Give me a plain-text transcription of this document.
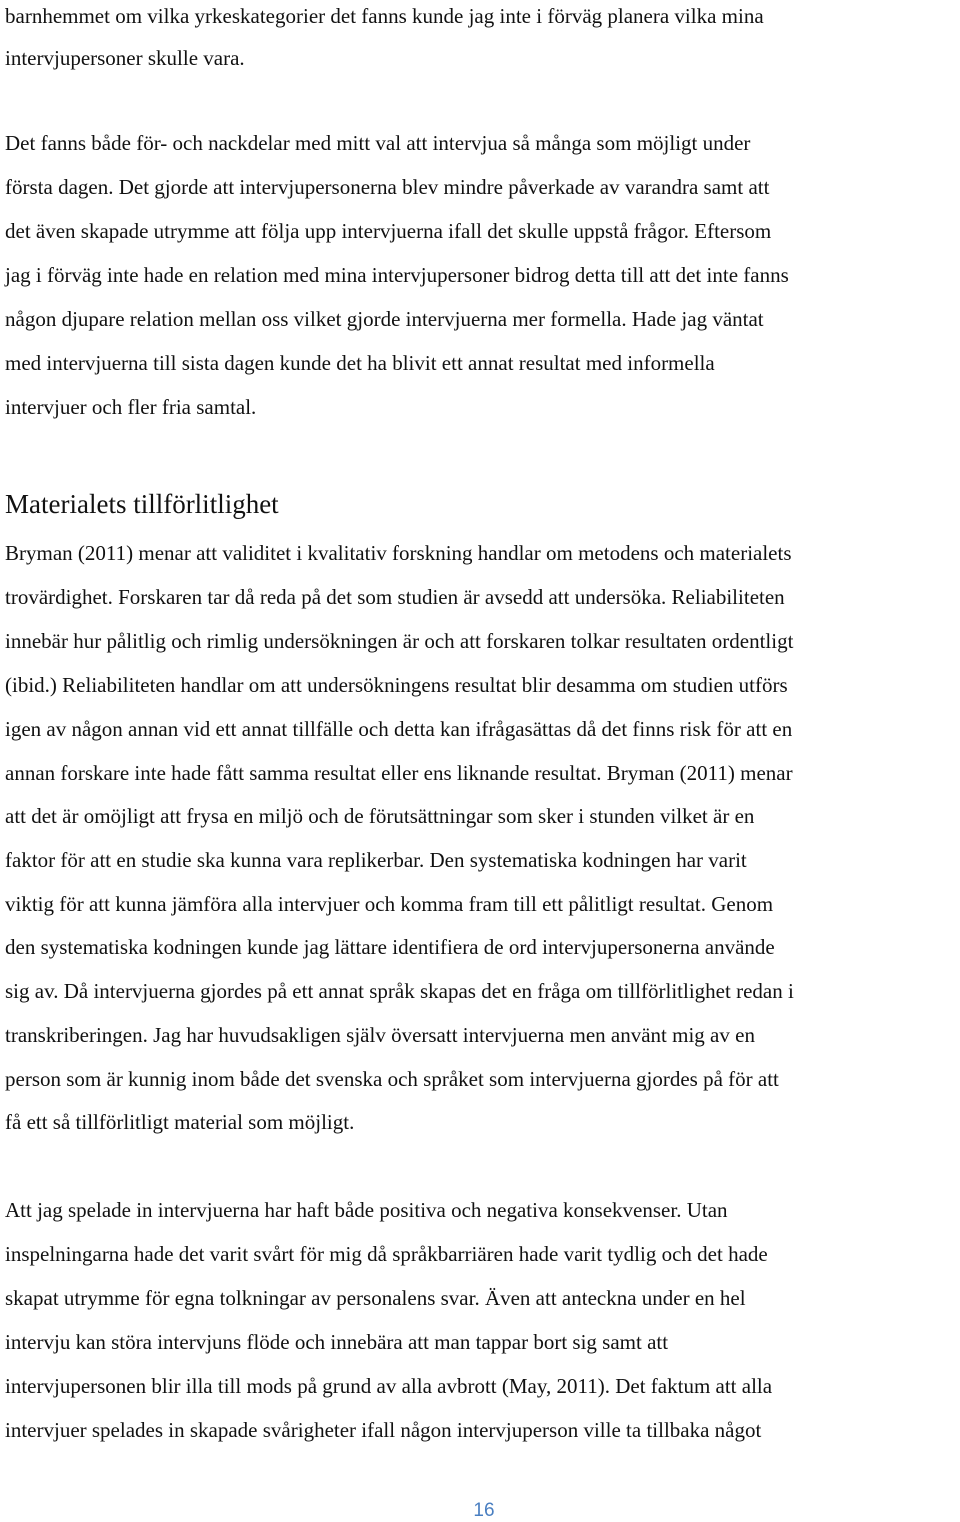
barnhemmet om vilka yrkeskategorier det fanns kunde jag inte i förväg planera vilka mina
intervjupersoner skulle vara.
Det fanns både för- och nackdelar med mitt val att intervjua så många som möjligt under
första dagen. Det gjorde att intervjupersonerna blev mindre påverkade av varandra samt att
det även skapade utrymme att följa upp intervjuerna ifall det skulle uppstå frågor. Eftersom
jag i förväg inte hade en relation med mina intervjupersoner bidrog detta till att det inte fanns
någon djupare relation mellan oss vilket gjorde intervjuerna mer formella. Hade jag väntat
med intervjuerna till sista dagen kunde det ha blivit ett annat resultat med informella
intervjuer och fler fria samtal.
Materialets tillförlitlighet
Bryman (2011) menar att validitet i kvalitativ forskning handlar om metodens och materialets
trovärdighet. Forskaren tar då reda på det som studien är avsedd att undersöka. Reliabiliteten
innebär hur pålitlig och rimlig undersökningen är och att forskaren tolkar resultaten ordentligt
(ibid.) Reliabiliteten handlar om att undersökningens resultat blir desamma om studien utförs
igen av någon annan vid ett annat tillfälle och detta kan ifrågasättas då det finns risk för att en
annan forskare inte hade fått samma resultat eller ens liknande resultat. Bryman (2011) menar
att det är omöjligt att frysa en miljö och de förutsättningar som sker i stunden vilket är en
faktor för att en studie ska kunna vara replikerbar. Den systematiska kodningen har varit
viktig för att kunna jämföra alla intervjuer och komma fram till ett pålitligt resultat. Genom
den systematiska kodningen kunde jag lättare identifiera de ord intervjupersonerna använde
sig av. Då intervjuerna gjordes på ett annat språk skapas det en fråga om tillförlitlighet redan i
transkriberingen. Jag har huvudsakligen själv översatt intervjuerna men använt mig av en
person som är kunnig inom både det svenska och språket som intervjuerna gjordes på för att
få ett så tillförlitligt material som möjligt.
Att jag spelade in intervjuerna har haft både positiva och negativa konsekvenser. Utan
inspelningarna hade det varit svårt för mig då språkbarriären hade varit tydlig och det hade
skapat utrymme för egna tolkningar av personalens svar. Även att anteckna under en hel
intervju kan störa intervjuns flöde och innebära att man tappar bort sig samt att
intervjupersonen blir illa till mods på grund av alla avbrott (May, 2011). Det faktum att alla
intervjuer spelades in skapade svårigheter ifall någon intervjuperson ville ta tillbaka något
16
